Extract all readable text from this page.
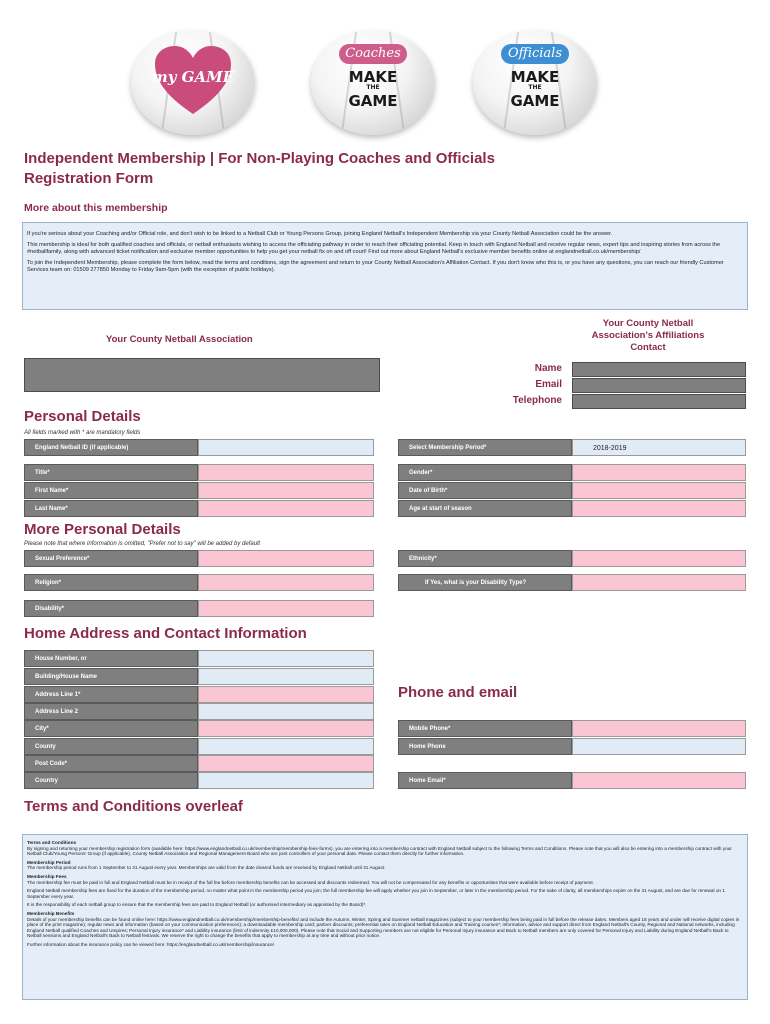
my GAME
Coaches
MAKE
THE
GAME
Officials
MAKE
THE
GAME
Independent Membership | For Non-Playing Coaches and Officials
Registration Form
More about this membership

If you're serious about your Coaching and/or Official role, and don't wish to be linked to a Netball Club or Young Persons Group, joining England Netball's Independent Membership via your County Netball Association could be the answer.

This membership is ideal for both qualified coaches and officials, or netball enthusiasts wishing to access the officiating pathway in order to reach their officiating potential. Keep in touch with England Netball and receive regular news, expert tips and inspiring stories from across the #netballfamily, along with advanced ticket notification and exclusive member opportunities to help you get your netball fix on and off court! Find out more about England Netball's exclusive member benefits online at englandnetball.co.uk/membership/

To join the Independent Membership, please complete the form below, read the terms and conditions, sign the agreement and return to your County Netball Association's Affiliation Contact. If you don't know who this is, or you have any questions, you can reach our friendly Customer Services team on: 01509 277850 Monday to Friday 9am-5pm (with the exception of public holidays).

Your County Netball Association
Your County Netball Association's Affiliations Contact
Name
Email
Telephone
Personal Details
All fields marked with * are mandatory fields
England Netball ID (if applicable)	Select Membership Period*	2018-2019
Title*	Gender*
First Name*	Date of Birth*
Last Name*	Age at start of season
More Personal Details
Please note that where information is omitted, "Prefer not to say" will be added by default
Sexual Preference*	Ethnicity*
Religion*	If Yes, what is your Disability Type?
Disability*
Home Address and Contact Information
House Number, or
Building/House Name
Address Line 1*
Address Line 2
City*
County
Post Code*
Country
Phone and email
Mobile Phone*
Home Phone
Home Email*
Terms and Conditions overleaf

Terms and Conditions
By signing and returning your membership registration form (available here: https://www.englandnetball.co.uk/membership/membership-fees-forms), you are entering into a membership contract with England Netball subject to the following Terms and Conditions. Please note that you will also be entering into a membership contract with your Netball Club/Young Persons' Group (if applicable), County Netball Association and Regional Management Board who are joint controllers of your personal data. Please contact them directly for further information.

Membership Period
The membership period runs from 1 September to 31 August every year. Memberships are valid from the date cleared funds are received by England Netball until 31 August.

Membership Fees
The membership fee must be paid in full and England Netball must be in receipt of the full fee before membership benefits can be accessed and discounts redeemed. You will not be compensated for any benefits or opportunities that were available before receipt of payment.

England Netball membership fees are fixed for the duration of the membership period, no matter what point in the membership period you join; the full membership fee will apply whether you join in September, or later in the membership period. For the sake of clarity, all memberships expire on the 31 August, and are due for renewal on 1 September every year.

It is the responsibility of each netball group to ensure that the membership fees are paid to England Netball (or authorised intermediary as appointed by the Board)*.

Membership Benefits
Details of your membership benefits can be found online here: https://www.englandnetball.co.uk/membership/membership-benefits/ and include the Autumn, Winter, Spring and Summer netball magazines (subject to your membership fees being paid in full before the release dates. Members aged 18 years and under will receive digital copies in place of the print magazine); regular news and information (based on your communication preferences); a downloadable membership card; partner discounts; preferential rates on England Netball Education and Training courses*; information, advice and support direct from England Netball's County, Regional and National networks, including England Netball qualified Coaches and Umpires; Personal Injury insurance* and Liability insurance (limit of indemnity £10,000,000). Please note that Social and Supporting members are not eligible for Personal Injury insurance and Back to Netball members are only covered for Personal Injury and Liability during England Netball's Back to Netball sessions and England Netball's Back to Netball festivals. We reserve the right to change the benefits that apply to membership at any time and without prior notice.

Further information about the insurance policy can be viewed here: https://englandnetball.co.uk/membership/insurance/
